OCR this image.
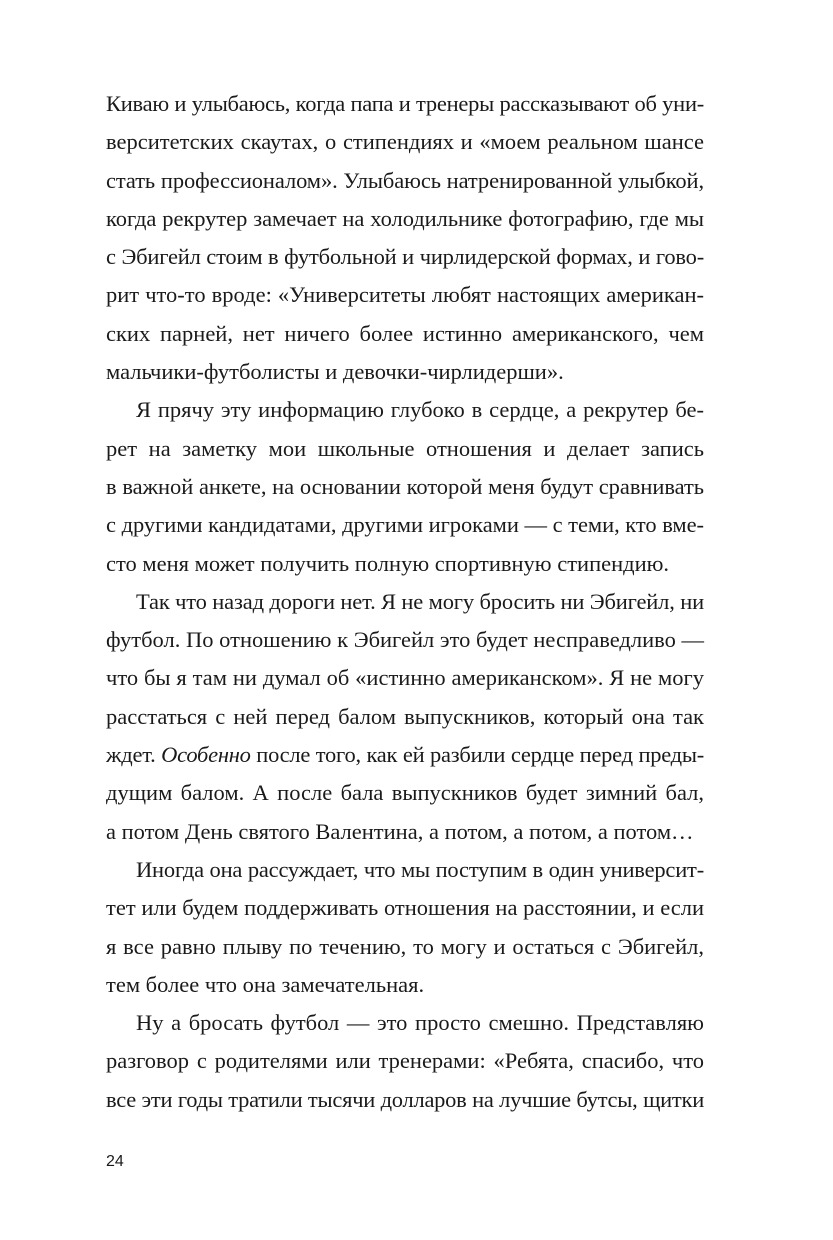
Киваю и улыбаюсь, когда папа и тренеры рассказывают об уни-
верситетских скаутах, о стипендиях и «моем реальном шансе
стать профессионалом». Улыбаюсь натренированной улыбкой,
когда рекрутер замечает на холодильнике фотографию, где мы
с Эбигейл стоим в футбольной и чирлидерской формах, и гово-
рит что-то вроде: «Университеты любят настоящих американ-
ских парней, нет ничего более истинно американского, чем
мальчики-футболисты и девочки-чирлидерши».
Я прячу эту информацию глубоко в сердце, а рекрутер бе-
рет на заметку мои школьные отношения и делает запись
в важной анкете, на основании которой меня будут сравнивать
с другими кандидатами, другими игроками — с теми, кто вме-
сто меня может получить полную спортивную стипендию.
Так что назад дороги нет. Я не могу бросить ни Эбигейл, ни
футбол. По отношению к Эбигейл это будет несправедливо —
что бы я там ни думал об «истинно американском». Я не могу
расстаться с ней перед балом выпускников, который она так
ждет. Особенно после того, как ей разбили сердце перед преды-
дущим балом. А после бала выпускников будет зимний бал,
а потом День святого Валентина, а потом, а потом, а потом…
Иногда она рассуждает, что мы поступим в один университ-
тет или будем поддерживать отношения на расстоянии, и если
я все равно плыву по течению, то могу и остаться с Эбигейл,
тем более что она замечательная.
Ну а бросать футбол — это просто смешно. Представляю
разговор с родителями или тренерами: «Ребята, спасибо, что
все эти годы тратили тысячи долларов на лучшие бутсы, щитки
24
